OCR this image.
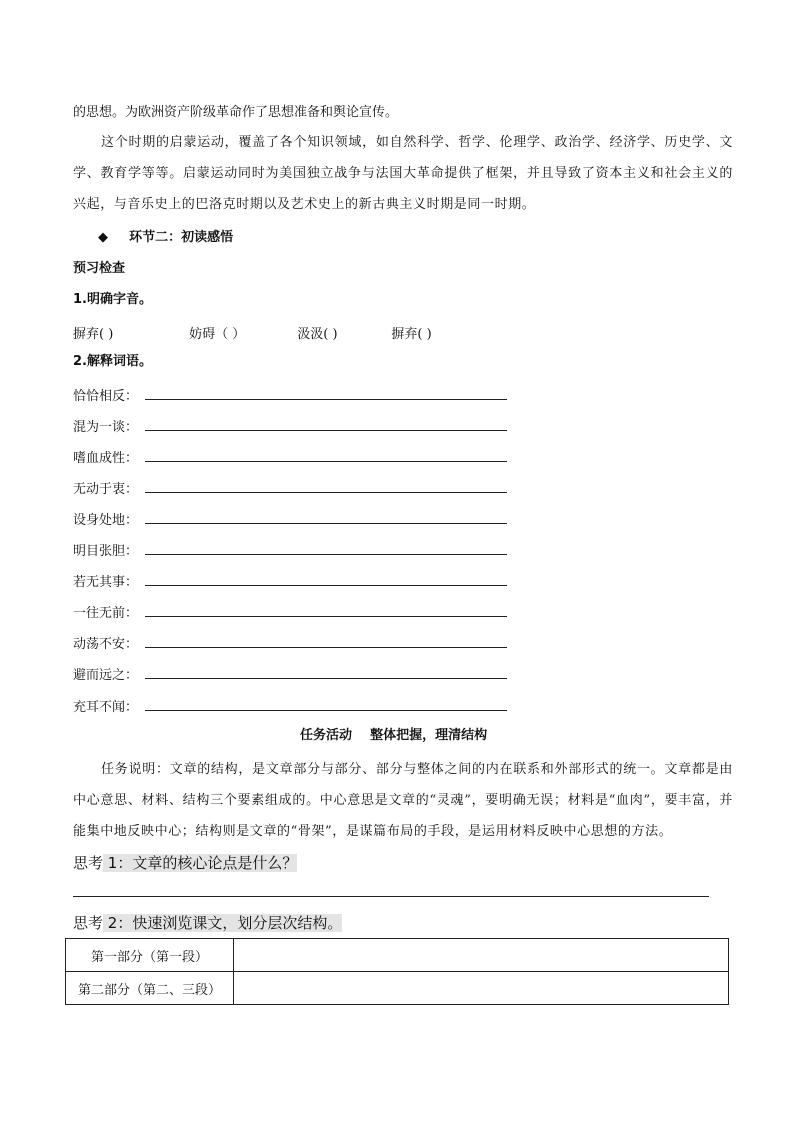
的思想。为欧洲资产阶级革命作了思想准备和舆论宣传。
这个时期的启蒙运动，覆盖了各个知识领域，如自然科学、哲学、伦理学、政治学、经济学、历史学、文学、教育学等等。启蒙运动同时为美国独立战争与法国大革命提供了框架，并且导致了资本主义和社会主义的兴起，与音乐史上的巴洛克时期以及艺术史上的新古典主义时期是同一时期。
◆ 环节二：初读感悟
预习检查
1.明确字音。
摒弃( )	妨碍（ ）	汲汲( )	摒弃( )
2.解释词语。
恰恰相反：
混为一谈：
嗜血成性：
无动于衷：
设身处地：
明目张胆：
若无其事：
一往无前：
动荡不安：
避而远之：
充耳不闻：
任务活动    整体把握，理清结构
任务说明：文章的结构，是文章部分与部分、部分与整体之间的内在联系和外部形式的统一。文章都是由中心意思、材料、结构三个要素组成的。中心意思是文章的“灵魂”，要明确无误；材料是“血肉”，要丰富，并能集中地反映中心；结构则是文章的“骨架”，是谋篇布局的手段，是运用材料反映中心思想的方法。
思考 1：文章的核心论点是什么？
思考 2：快速浏览课文，划分层次结构。
第一部分（第一段）	
第二部分（第二、三段）	
